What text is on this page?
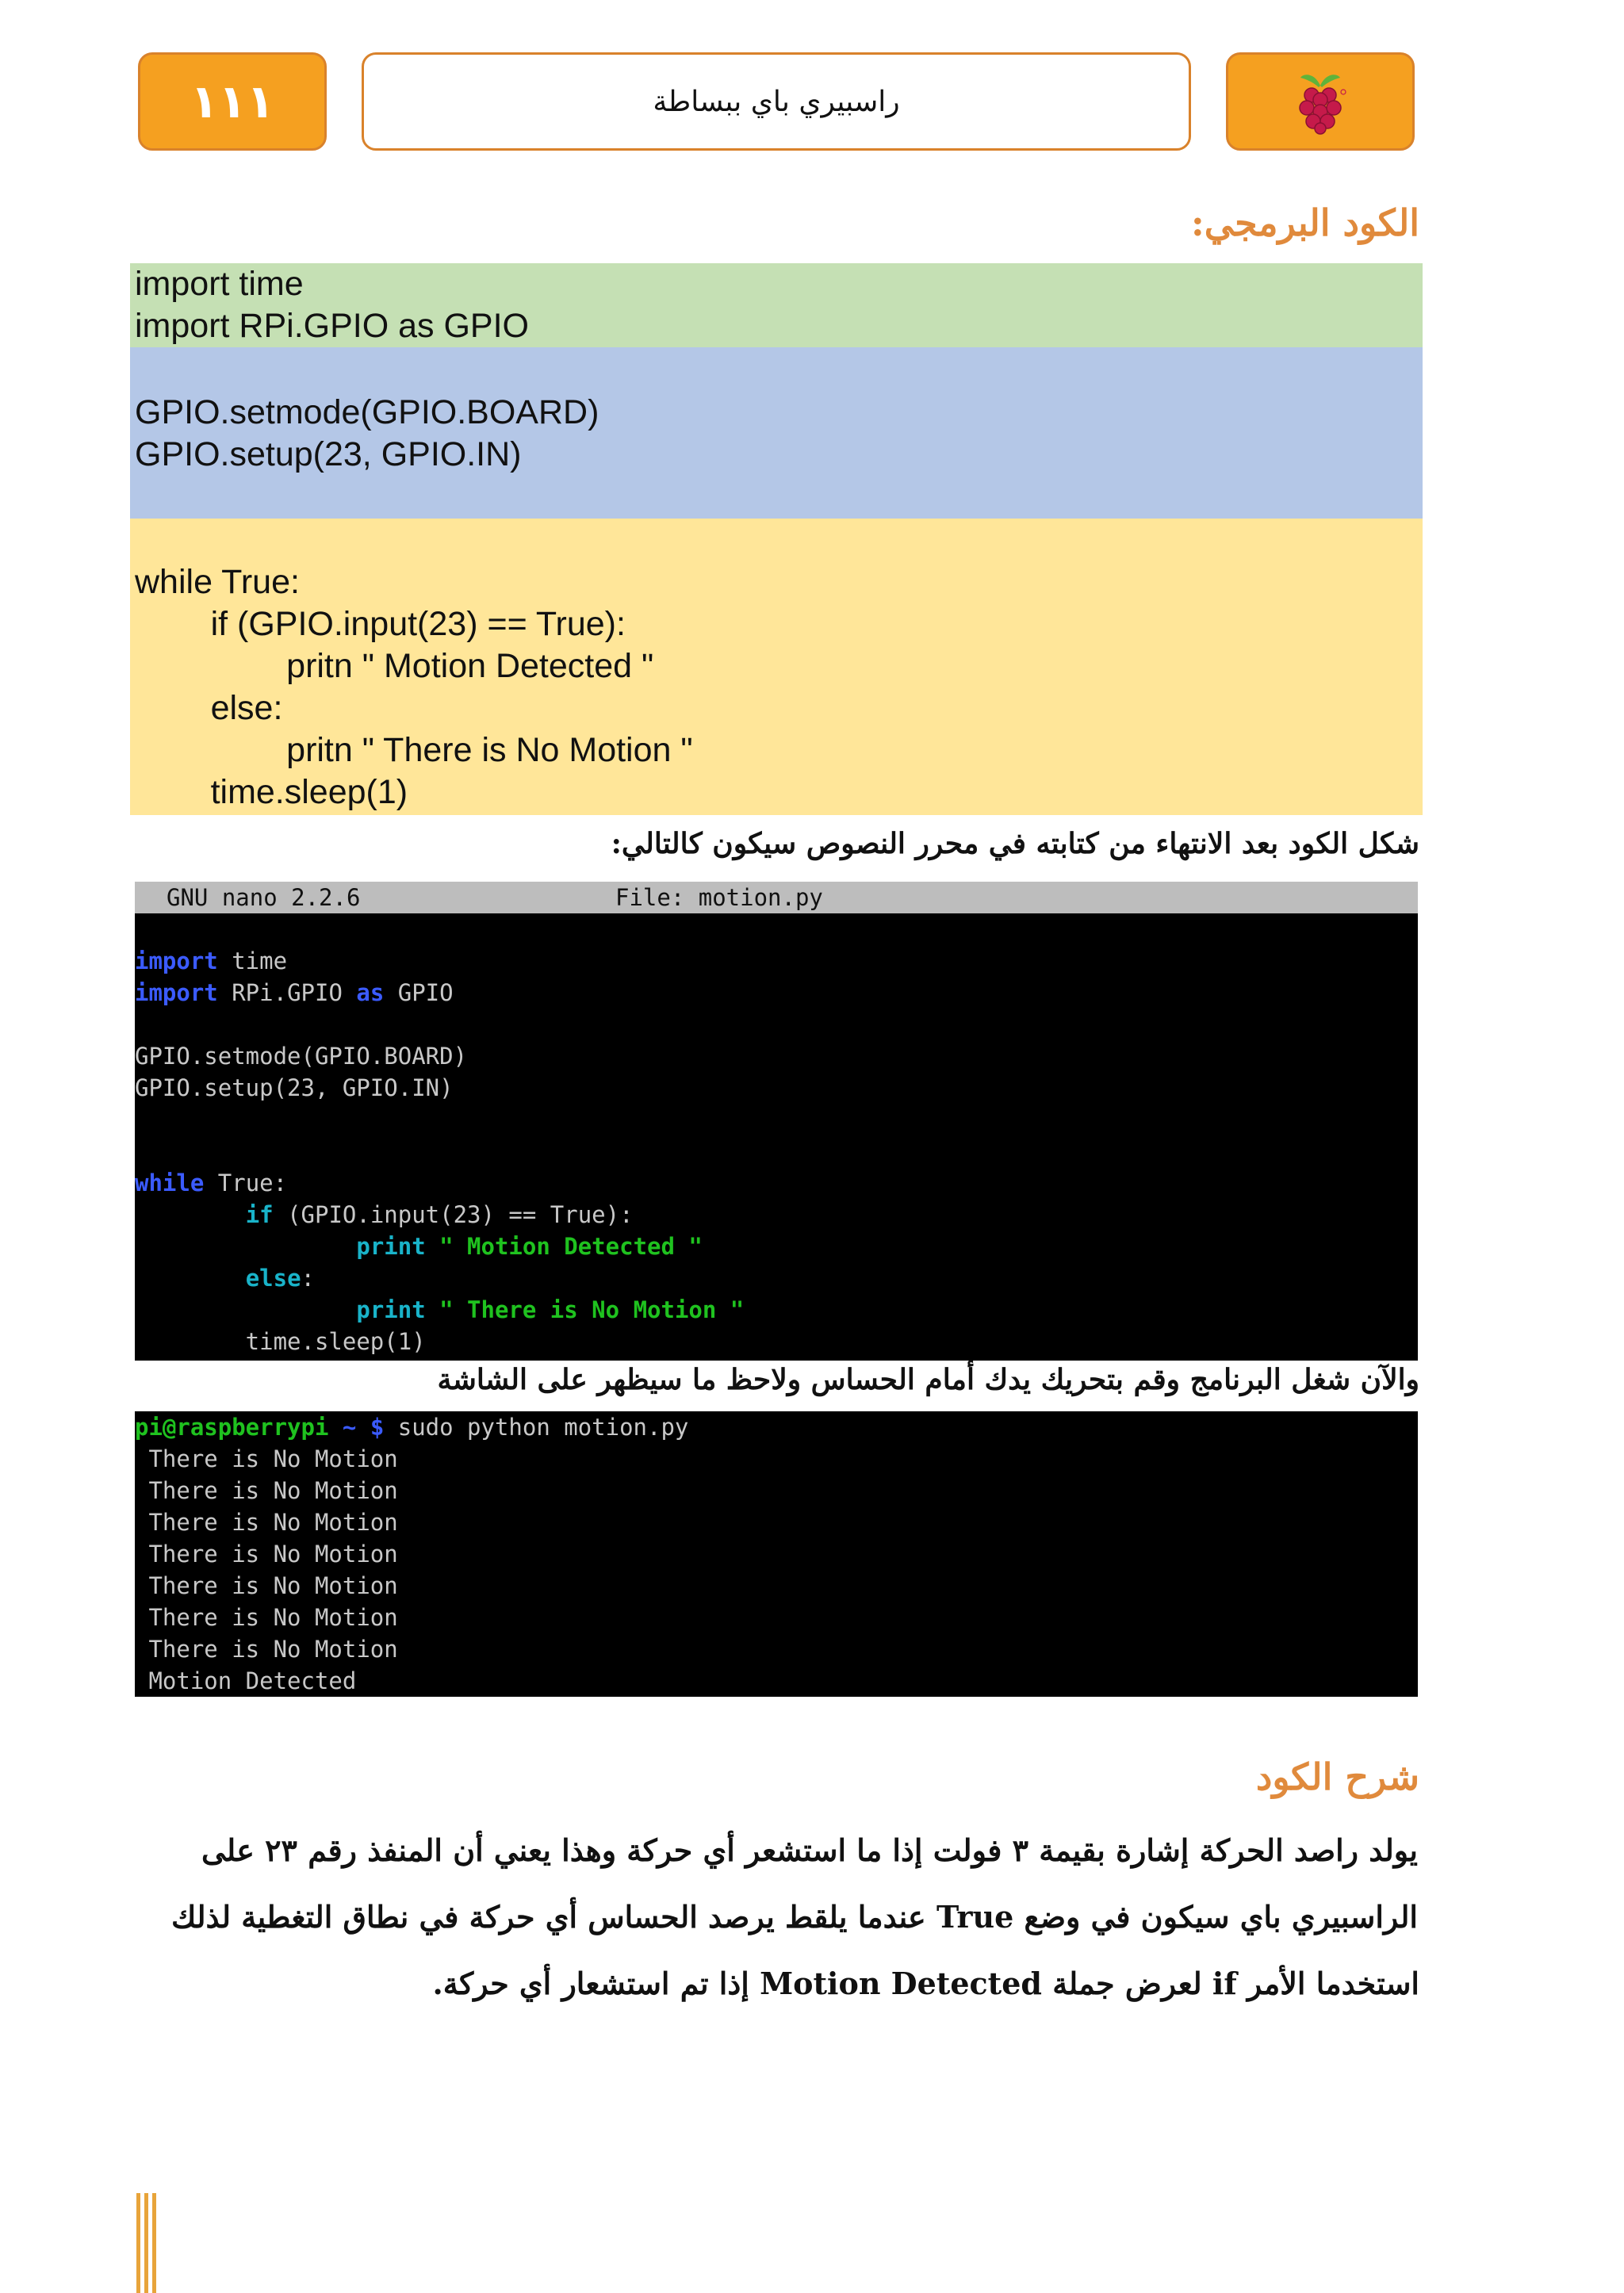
١١١	راسبيري باي ببساطة
الكود البرمجي:
import time
import RPi.GPIO as GPIO
GPIO.setmode(GPIO.BOARD)
GPIO.setup(23, GPIO.IN)
while True:
if (GPIO.input(23) == True):
pritn " Motion Detected "
else:
pritn " There is No Motion "
time.sleep(1)
شكل الكود بعد الانتهاء من كتابته في محرر النصوص سيكون كالتالي:
GNU nano 2.2.6	File: motion.py
import time
import RPi.GPIO as GPIO
GPIO.setmode(GPIO.BOARD)
GPIO.setup(23, GPIO.IN)
while True:
if (GPIO.input(23) == True):
print " Motion Detected "
else:
print " There is No Motion "
time.sleep(1)
والآن شغل البرنامج وقم بتحريك يدك أمام الحساس ولاحظ ما سيظهر على الشاشة
pi@raspberrypi ~ $ sudo python motion.py
There is No Motion
There is No Motion
There is No Motion
There is No Motion
There is No Motion
There is No Motion
There is No Motion
Motion Detected
شرح الكود
يولد راصد الحركة إشارة بقيمة ٣ فولت إذا ما استشعر أي حركة وهذا يعني أن المنفذ رقم ٢٣ على
الراسبيري باي سيكون في وضع True عندما يلقط يرصد الحساس أي حركة في نطاق التغطية لذلك
استخدما الأمر if لعرض جملة Motion Detected إذا تم استشعار أي حركة.
